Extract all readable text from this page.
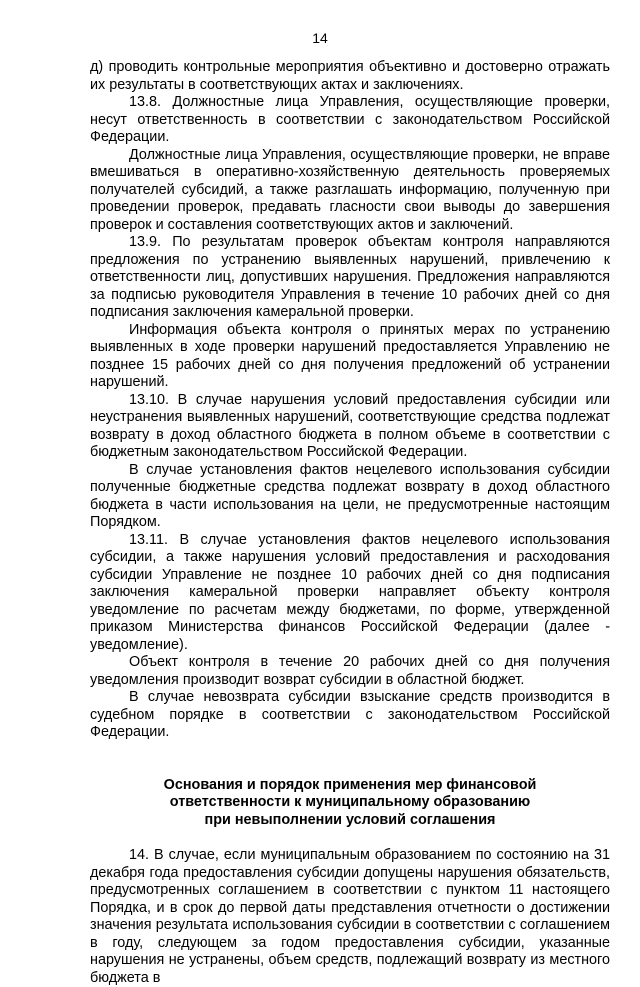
14

д) проводить контрольные мероприятия объективно и достоверно отражать их результаты в соответствующих актах и заключениях.

13.8. Должностные лица Управления, осуществляющие проверки, несут ответственность в соответствии с законодательством Российской Федерации.

Должностные лица Управления, осуществляющие проверки, не вправе вмешиваться в оперативно-хозяйственную деятельность проверяемых получателей субсидий, а также разглашать информацию, полученную при проведении проверок, предавать гласности свои выводы до завершения проверок и составления соответствующих актов и заключений.

13.9. По результатам проверок объектам контроля направляются предложения по устранению выявленных нарушений, привлечению к ответственности лиц, допустивших нарушения. Предложения направляются за подписью руководителя Управления в течение 10 рабочих дней со дня подписания заключения камеральной проверки.

Информация объекта контроля о принятых мерах по устранению выявленных в ходе проверки нарушений предоставляется Управлению не позднее 15 рабочих дней со дня получения предложений об устранении нарушений.

13.10. В случае нарушения условий предоставления субсидии или неустранения выявленных нарушений, соответствующие средства подлежат возврату в доход областного бюджета в полном объеме в соответствии с бюджетным законодательством Российской Федерации.

В случае установления фактов нецелевого использования субсидии полученные бюджетные средства подлежат возврату в доход областного бюджета в части использования на цели, не предусмотренные настоящим Порядком.

13.11. В случае установления фактов нецелевого использования субсидии, а также нарушения условий предоставления и расходования субсидии Управление не позднее 10 рабочих дней со дня подписания заключения камеральной проверки направляет объекту контроля уведомление по расчетам между бюджетами, по форме, утвержденной приказом Министерства финансов Российской Федерации (далее - уведомление).

Объект контроля в течение 20 рабочих дней со дня получения уведомления производит возврат субсидии в областной бюджет.

В случае невозврата субсидии взыскание средств производится в судебном порядке в соответствии с законодательством Российской Федерации.

Основания и порядок применения мер финансовой
ответственности к муниципальному образованию
при невыполнении условий соглашения

14. В случае, если муниципальным образованием по состоянию на 31 декабря года предоставления субсидии допущены нарушения обязательств, предусмотренных соглашением в соответствии с пунктом 11 настоящего Порядка, и в срок до первой даты представления отчетности о достижении значения результата использования субсидии в соответствии с соглашением в году, следующем за годом предоставления субсидии, указанные нарушения не устранены, объем средств, подлежащий возврату из местного бюджета в
